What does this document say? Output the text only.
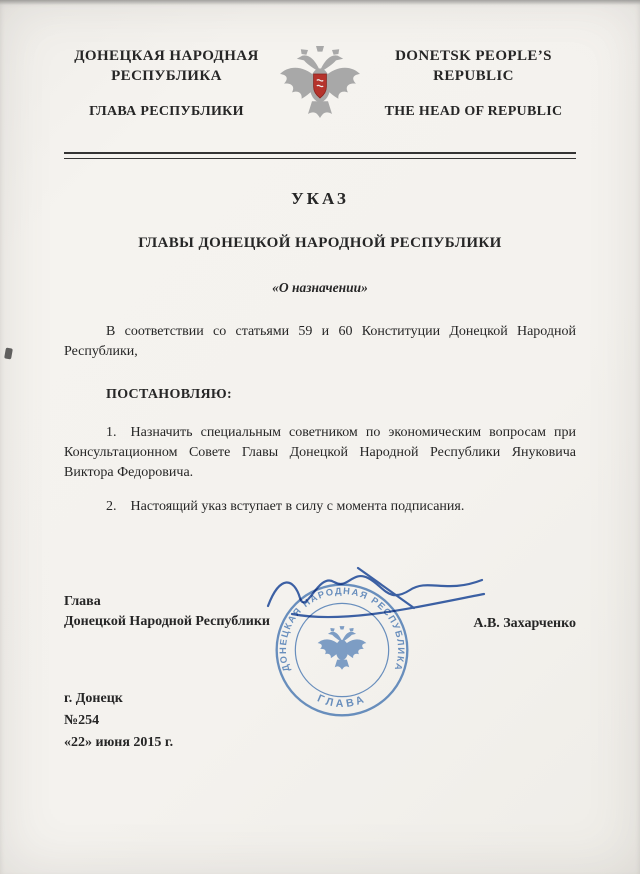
ДОНЕЦКАЯ НАРОДНАЯ РЕСПУБЛИКА
ГЛАВА РЕСПУБЛИКИ
DONETSK PEOPLE’S REPUBLIC
THE HEAD OF REPUBLIC
УКАЗ
ГЛАВЫ ДОНЕЦКОЙ НАРОДНОЙ РЕСПУБЛИКИ
«О назначении»

В соответствии со статьями 59 и 60 Конституции Донецкой Народной Республики,

ПОСТАНОВЛЯЮ:

1. Назначить специальным советником по экономическим вопросам при Консультационном Совете Главы Донецкой Народной Республики Януковича Виктора Федоровича.

2. Настоящий указ вступает в силу с момента подписания.

Глава
Донецкой Народной Республики	А.В. Захарченко
ДОНЕЦКАЯ НАРОДНАЯ РЕСПУБЛИКА
ГЛАВА
г. Донецк
№254
«22» июня 2015 г.
